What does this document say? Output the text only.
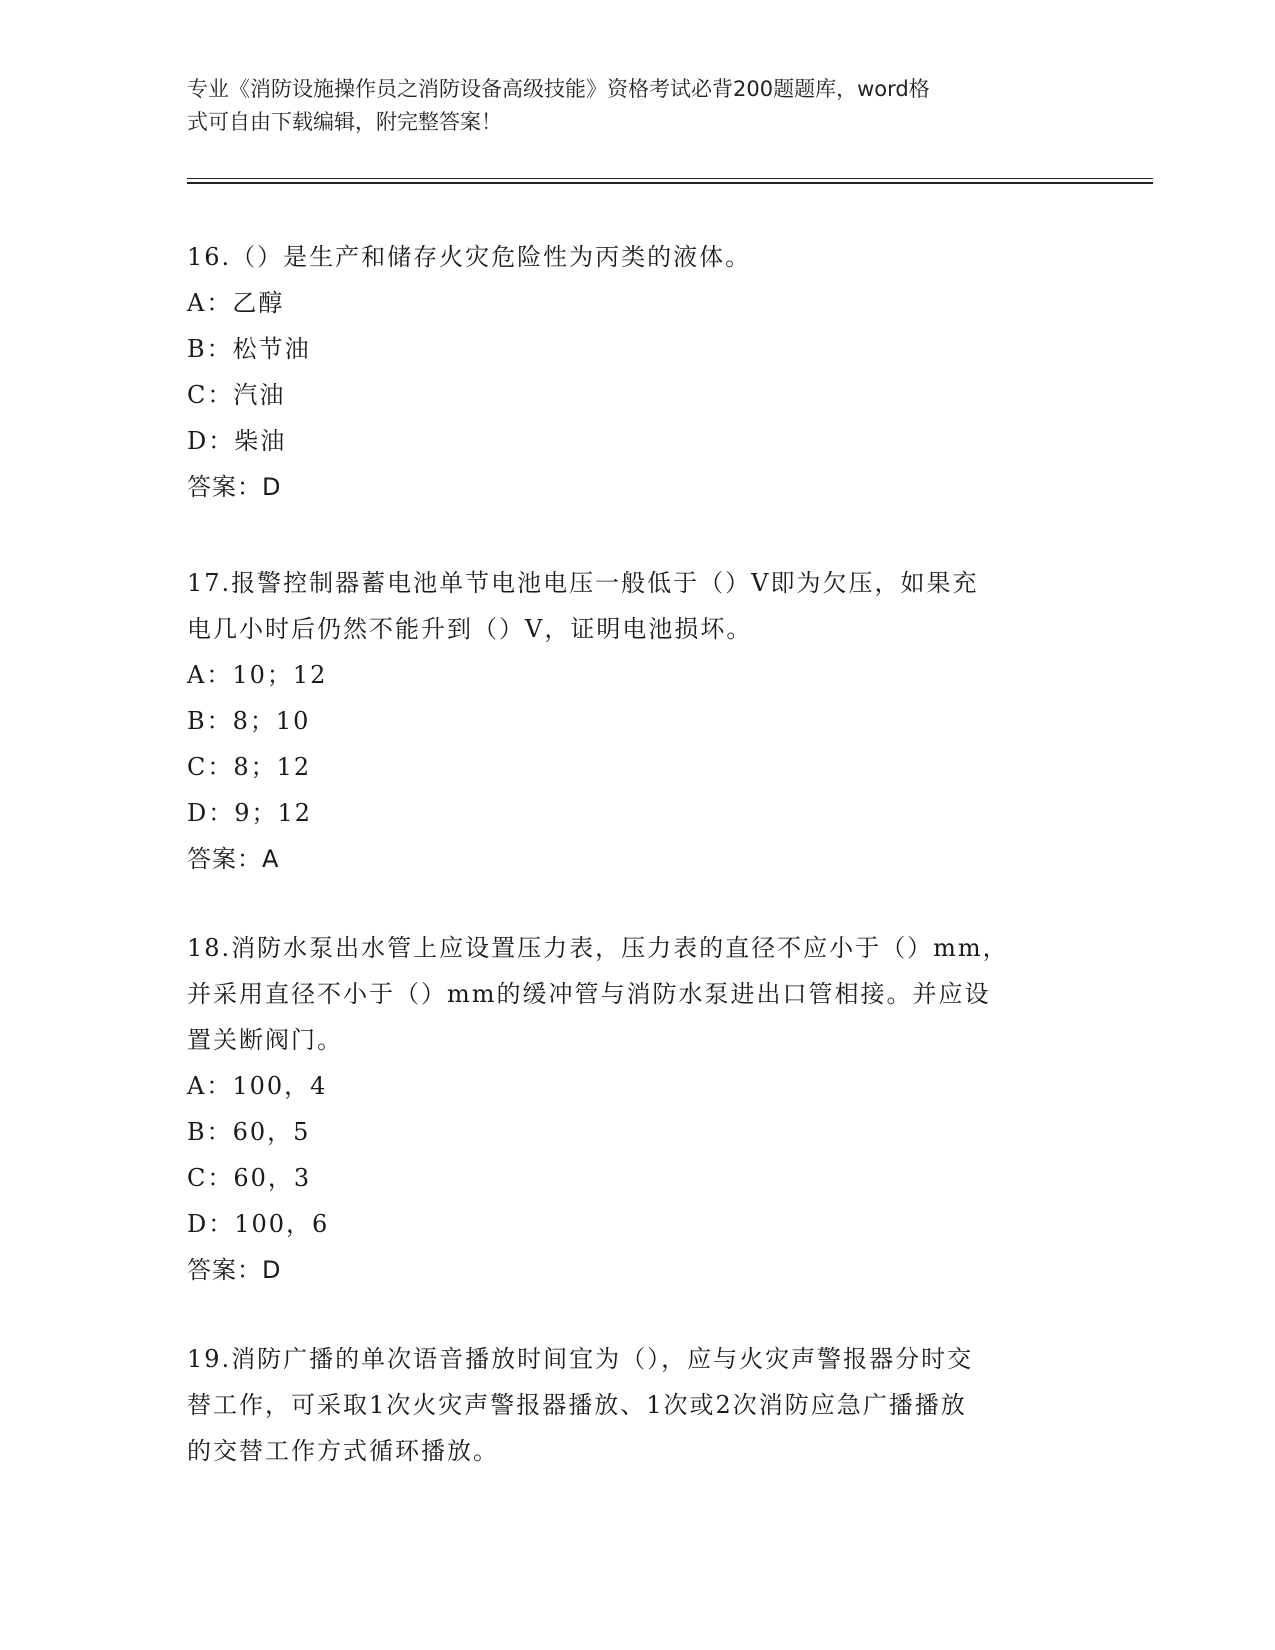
专业《消防设施操作员之消防设备高级技能》资格考试必背200题题库，word格
式可自由下载编辑，附完整答案！

16.（）是生产和储存火灾危险性为丙类的液体。

A：乙醇

B：松节油

C：汽油

D：柴油

答案：D

17.报警控制器蓄电池单节电池电压一般低于（）V即为欠压，如果充

电几小时后仍然不能升到（）V，证明电池损坏。

A：10；12

B：8；10

C：8；12

D：9；12

答案：A

18.消防水泵出水管上应设置压力表，压力表的直径不应小于（）mm，

并采用直径不小于（）mm的缓冲管与消防水泵进出口管相接。并应设

置关断阀门。

A：100，4

B：60，5

C：60，3

D：100，6

答案：D

19.消防广播的单次语音播放时间宜为（），应与火灾声警报器分时交

替工作，可采取1次火灾声警报器播放、1次或2次消防应急广播播放

的交替工作方式循环播放。
